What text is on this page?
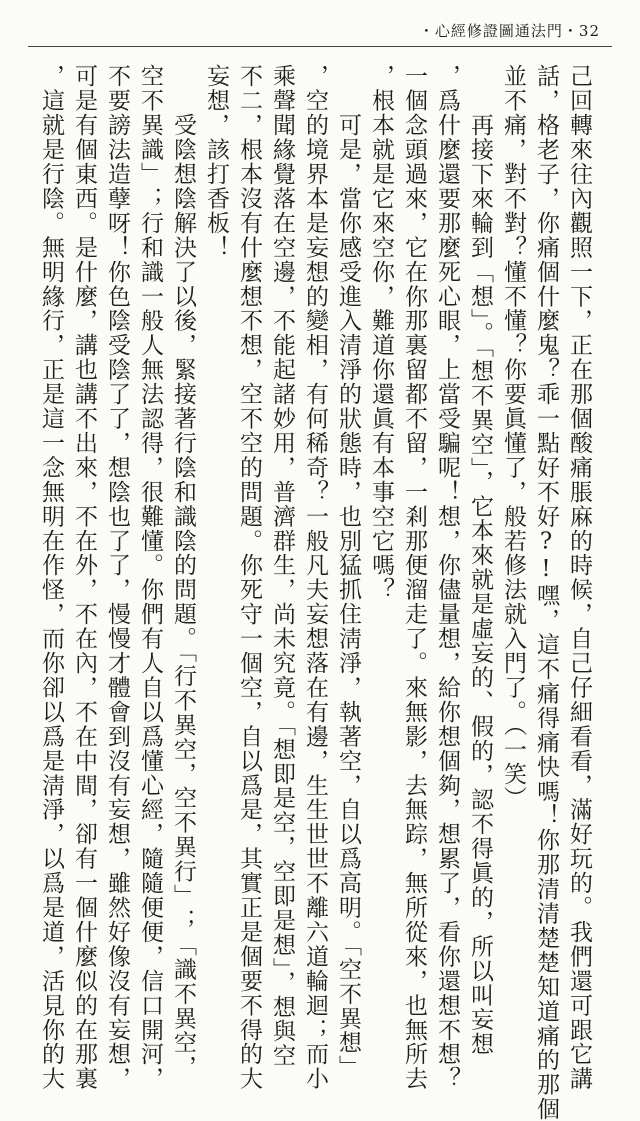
・心經修證圖通法門・32
己回轉來往內觀照一下，正在那個酸痛脹麻的時候，自己仔細看看，滿好玩的。我們還可跟它講
話，格老子，你痛個什麼鬼？乖一點好不好?!嘿，這不痛得痛快嗎！你那清清楚楚知道痛的那個
並不痛，對不對？懂不懂？你要眞懂了，般若修法就入門了。（一笑）
　　再接下來輪到「想」。「想不異空」，它本來就是虛妄的、假的，認不得眞的，所以叫妄想
，爲什麼還要那麼死心眼，上當受騙呢！想，你儘量想，給你想個夠，想累了，看你還想不想？
一個念頭過來，它在你那裏留都不留，一剎那便溜走了。來無影，去無踪，無所從來，也無所去
，根本就是它來空你，難道你還眞有本事空它嗎？
　　可是，當你感受進入清淨的狀態時，也別猛抓住淸淨，執著空，自以爲高明。「空不異想」
，空的境界本是妄想的變相，有何稀奇？一般凡夫妄想落在有邊，生生世世不離六道輪迴；而小
乘聲聞緣覺落在空邊，不能起諸妙用，普濟群生，尚未究竟。「想即是空，空即是想」，想與空
不二，根本沒有什麼想不想，空不空的問題。你死守一個空，自以爲是，其實正是個要不得的大
妄想，該打香板！
　　受陰想陰解決了以後，緊接著行陰和識陰的問題。「行不異空，空不異行」；「識不異空，
空不異識」；行和識一般人無法認得，很難懂。你們有人自以爲懂心經，隨隨便便，信口開河，
不要謗法造孽呀！你色陰受陰了了，想陰也了了，慢慢才體會到沒有妄想，雖然好像沒有妄想，
可是有個東西。是什麼，講也講不出來，不在外，不在內，不在中間，卻有一個什麼似的在那裏
，這就是行陰。無明緣行，正是這一念無明在作怪，而你卻以爲是淸淨，以爲是道，活見你的大
